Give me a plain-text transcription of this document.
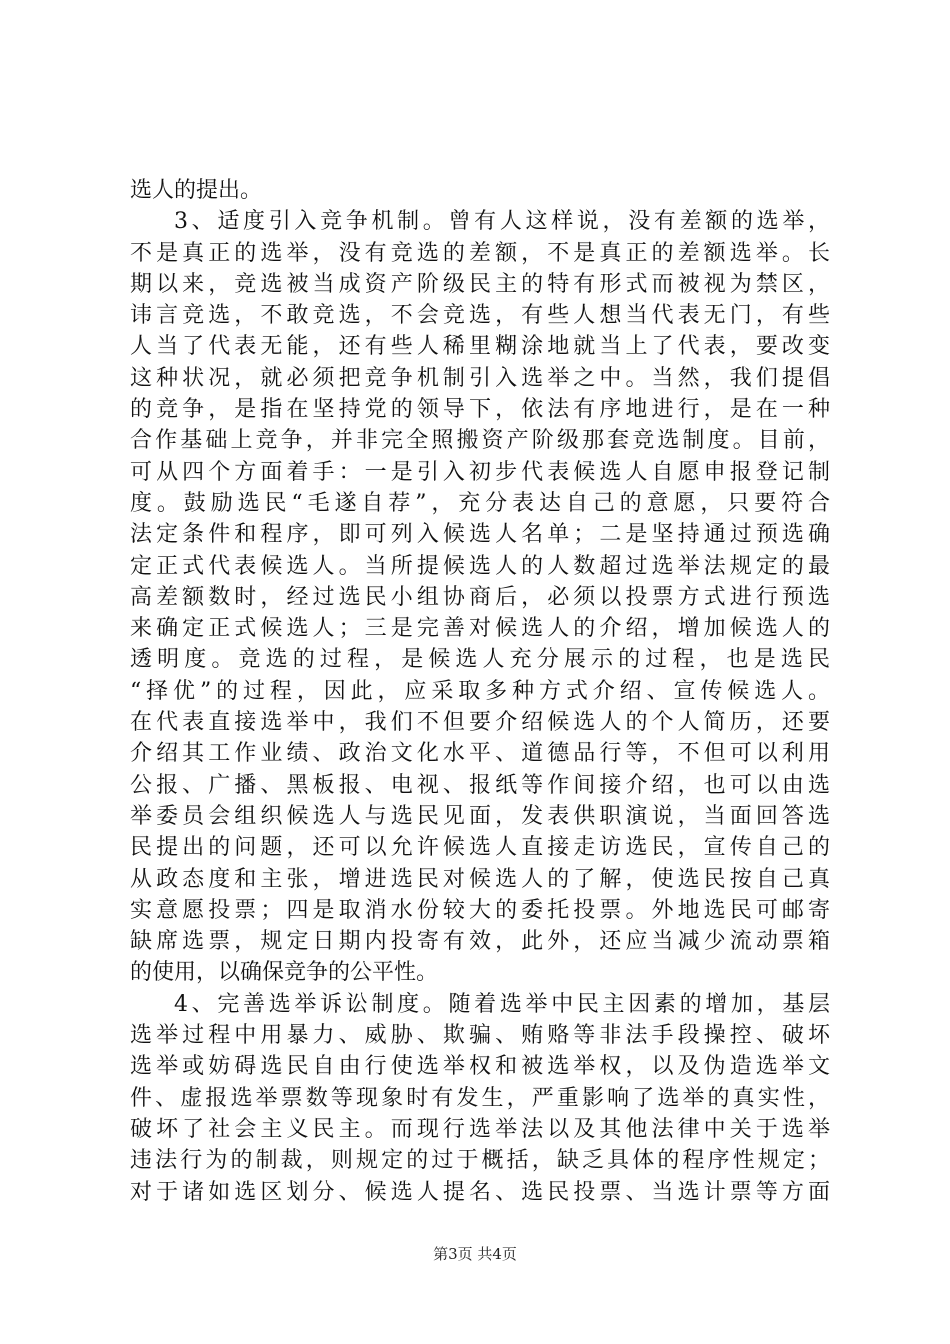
选人的提出。
3、适度引入竞争机制。曾有人这样说，没有差额的选举，
不是真正的选举，没有竞选的差额，不是真正的差额选举。长
期以来，竞选被当成资产阶级民主的特有形式而被视为禁区，
讳言竞选，不敢竞选，不会竞选，有些人想当代表无门，有些
人当了代表无能，还有些人稀里糊涂地就当上了代表，要改变
这种状况，就必须把竞争机制引入选举之中。当然，我们提倡
的竞争，是指在坚持党的领导下，依法有序地进行，是在一种
合作基础上竞争，并非完全照搬资产阶级那套竞选制度。目前，
可从四个方面着手：一是引入初步代表候选人自愿申报登记制
度。鼓励选民“毛遂自荐”，充分表达自己的意愿，只要符合
法定条件和程序，即可列入候选人名单；二是坚持通过预选确
定正式代表候选人。当所提候选人的人数超过选举法规定的最
高差额数时，经过选民小组协商后，必须以投票方式进行预选
来确定正式候选人；三是完善对候选人的介绍，增加候选人的
透明度。竞选的过程，是候选人充分展示的过程，也是选民
“择优”的过程，因此，应采取多种方式介绍、宣传候选人。
在代表直接选举中，我们不但要介绍候选人的个人简历，还要
介绍其工作业绩、政治文化水平、道德品行等，不但可以利用
公报、广播、黑板报、电视、报纸等作间接介绍，也可以由选
举委员会组织候选人与选民见面，发表供职演说，当面回答选
民提出的问题，还可以允许候选人直接走访选民，宣传自己的
从政态度和主张，增进选民对候选人的了解，使选民按自己真
实意愿投票；四是取消水份较大的委托投票。外地选民可邮寄
缺席选票，规定日期内投寄有效，此外，还应当减少流动票箱
的使用，以确保竞争的公平性。
4、完善选举诉讼制度。随着选举中民主因素的增加，基层
选举过程中用暴力、威胁、欺骗、贿赂等非法手段操控、破坏
选举或妨碍选民自由行使选举权和被选举权，以及伪造选举文
件、虚报选举票数等现象时有发生，严重影响了选举的真实性，
破坏了社会主义民主。而现行选举法以及其他法律中关于选举
违法行为的制裁，则规定的过于概括，缺乏具体的程序性规定；
对于诸如选区划分、候选人提名、选民投票、当选计票等方面
第3页 共4页
